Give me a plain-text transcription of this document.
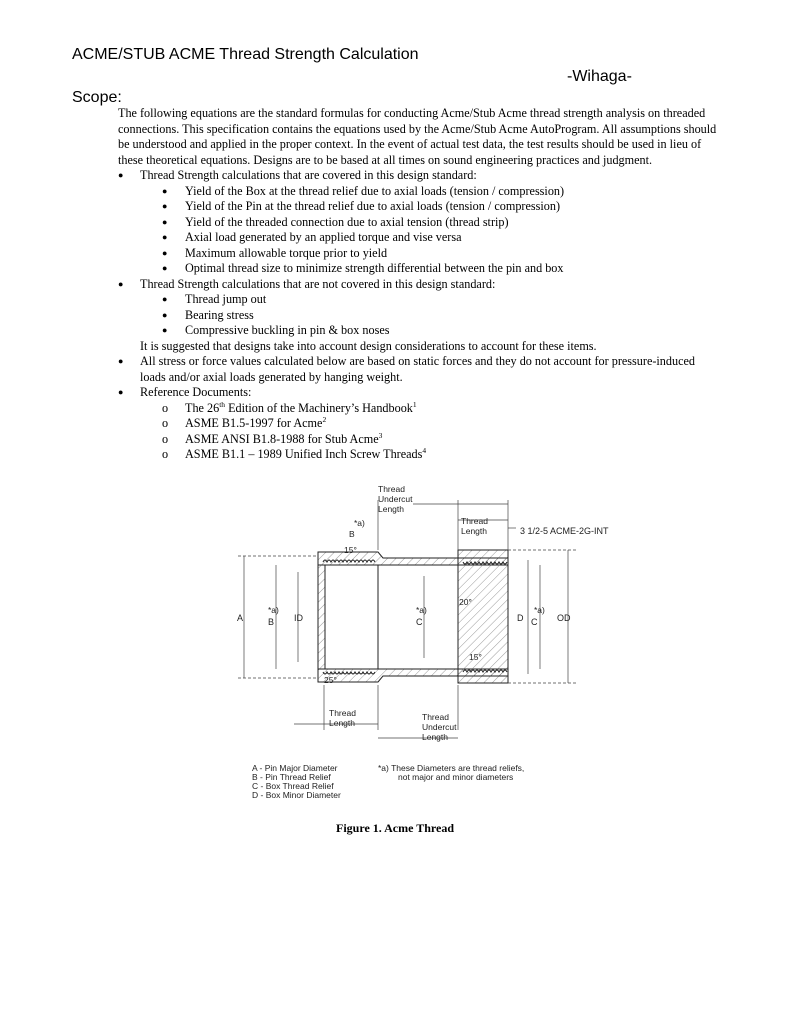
ACME/STUB ACME Thread Strength Calculation
-Wihaga-
Scope:

The following equations are the standard formulas for conducting Acme/Stub Acme thread strength analysis on threaded connections. This specification contains the equations used by the Acme/Stub Acme AutoProgram. All assumptions should be understood and applied in the proper context. In the event of actual test data, the test results should be used in lieu of these theoretical equations. Designs are to be based at all times on sound engineering practices and judgment.

●	Thread Strength calculations that are covered in this design standard:
●	Yield of the Box at the thread relief due to axial loads (tension / compression)
●	Yield of the Pin at the thread relief due to axial loads (tension / compression)
●	Yield of the threaded connection due to axial tension (thread strip)
●	Axial load generated by an applied torque and vise versa
●	Maximum allowable torque prior to yield
●	Optimal thread size to minimize strength differential between the pin and box
●	Thread Strength calculations that are not covered in this design standard:
●	Thread jump out
●	Bearing stress
●	Compressive buckling in pin & box noses
It is suggested that designs take into account design considerations to account for these items.
●	All stress or force values calculated below are based on static forces and they do not account for pressure-induced loads and/or axial loads generated by hanging weight.
●	Reference Documents:
o	The 26th Edition of the Machinery’s Handbook$^1$
o	ASME B1.5-1997 for Acme$^2$
o	ASME ANSI B1.8-1988 for Stub Acme$^3$
o	ASME B1.1 – 1989 Unified Inch Screw Threads$^4$
Thread
Undercut
Length
Thread
Length	3 1/2-5 ACME-2G-INT
*a)
B
15°
20°
15°
25°
A
*a)
B ID
*a)
C	D
*a)
C OD
Thread
Length
Thread
Undercut
Length
A - Pin Major Diameter
B - Pin Thread Relief
C - Box Thread Relief
D - Box Minor Diameter
*a) These Diameters are thread reliefs,
not major and minor diameters
Figure 1. Acme Thread
